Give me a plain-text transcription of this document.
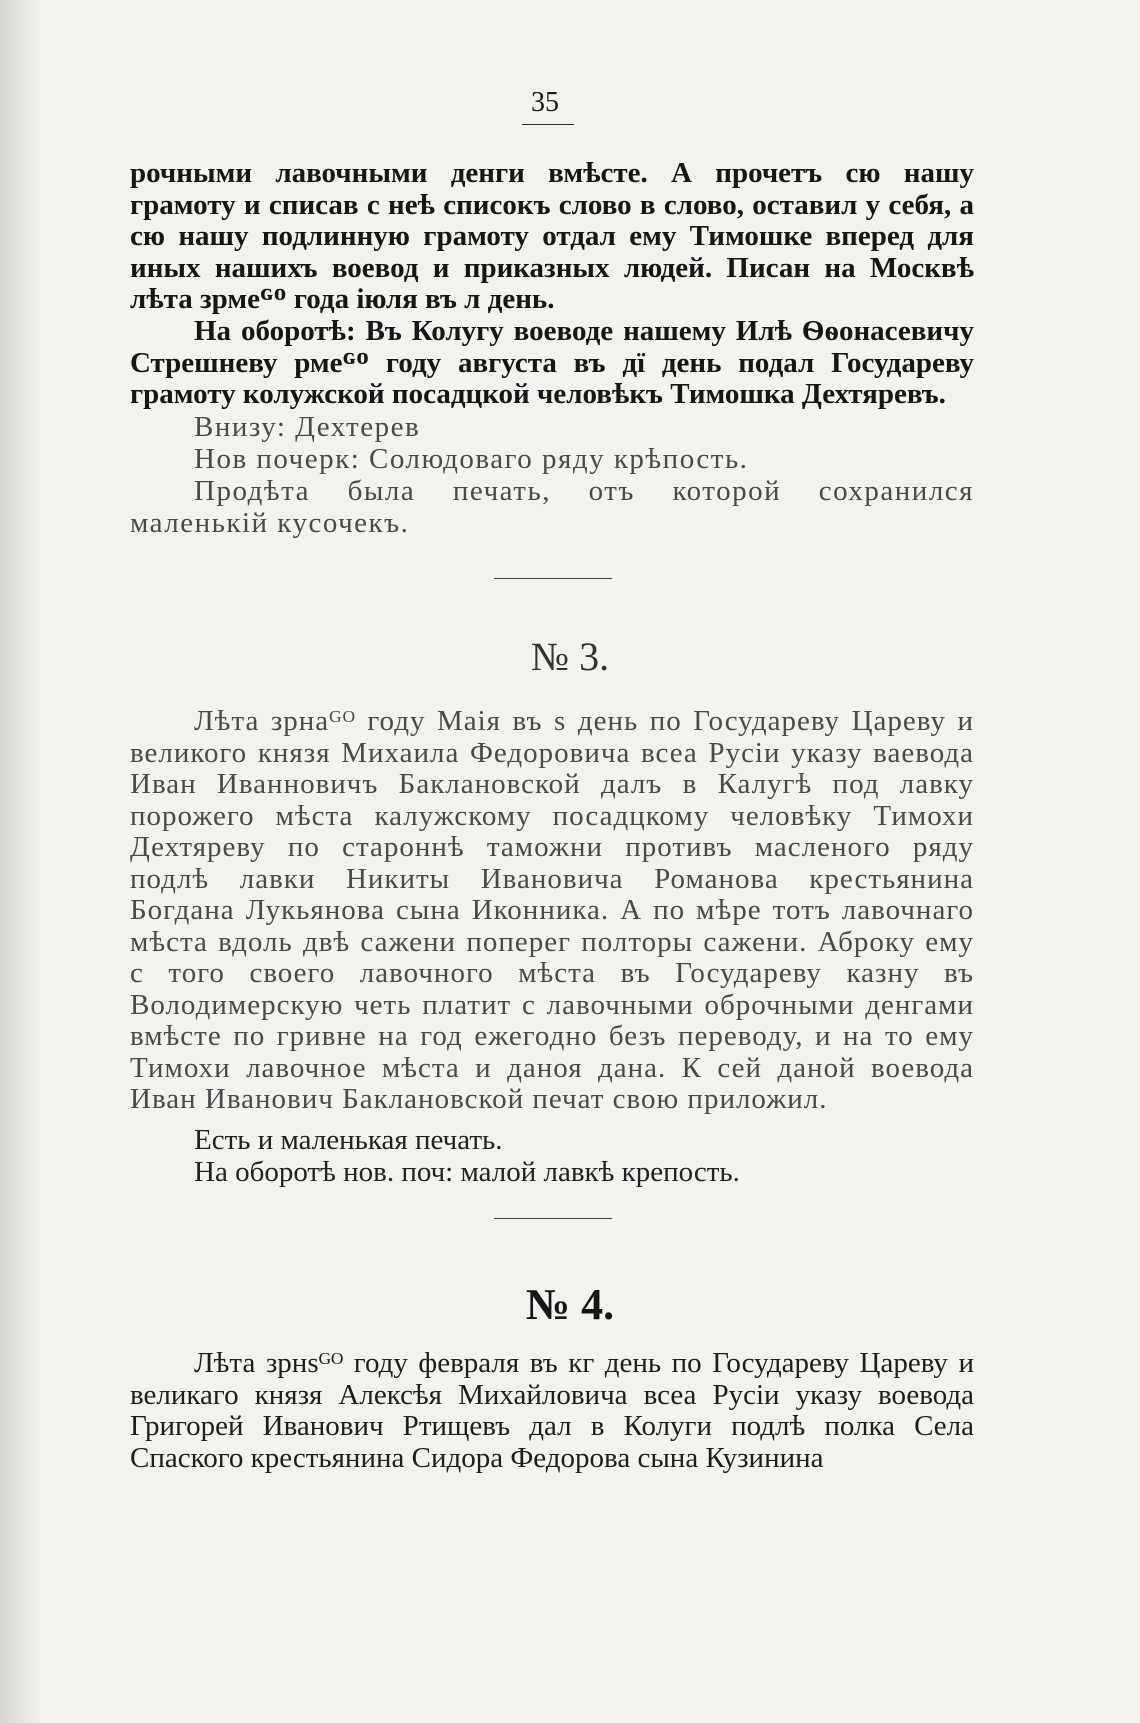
35
рочными лавочными денги вмѣсте. А прочетъ сю нашу грамоту и списав с неѣ списокъ слово в слово, оставил у себя, а сю нашу подлинную грамоту отдал ему Тимошке вперед для иных нашихъ воевод и приказных людей. Писан на Москвѣ лѣта зрмеᴳᴼ года іюля въ л день.
На оборотѣ: Въ Колугу воеводе нашему Илѣ Ѳѳонасевичу Стрешневу рмеᴳᴼ году августа въ дї день подал Государеву грамоту колужской посадцкой человѣкъ Тимошка Дехтяревъ.
Внизу: Дехтерев
Нов почерк: Солюдоваго ряду крѣпость.
Продѣта была печать, отъ которой сохранился маленькій кусочекъ.
№ 3.
Лѣта зрнаᴳᴼ году Маія въ ѕ день по Государеву Цареву и великого князя Михаила Федоровича всеа Русіи указу ваевода Иван Иванновичъ Баклановской далъ в Калугѣ под лавку порожего мѣста калужскому посадцкому человѣку Тимохи Дехтяреву по староннѣ таможни противъ масленого ряду подлѣ лавки Никиты Ивановича Романова крестьянина Богдана Лукьянова сына Иконника. А по мѣре тотъ лавочнаго мѣста вдоль двѣ сажени поперег полторы сажени. Аброку ему с того своего лавочного мѣста въ Государеву казну въ Володимерскую четь платит с лавочными оброчными денгами вмѣсте по гривне на год ежегодно безъ переводу, и на то ему Тимохи лавочное мѣста и даноя дана. К сей даной воевода Иван Иванович Баклановской печат свою приложил.
Есть и маленькая печать.
На оборотѣ нов. поч: малой лавкѣ крепость.
№ 4.
Лѣта зрнѕᴳᴼ году февраля въ кг день по Государеву Цареву и великаго князя Алексѣя Михайловича всеа Русіи указу воевода Григорей Иванович Ртищевъ дал в Колуги подлѣ полка Села Спаского крестьянина Сидора Федорова сына Кузинина
